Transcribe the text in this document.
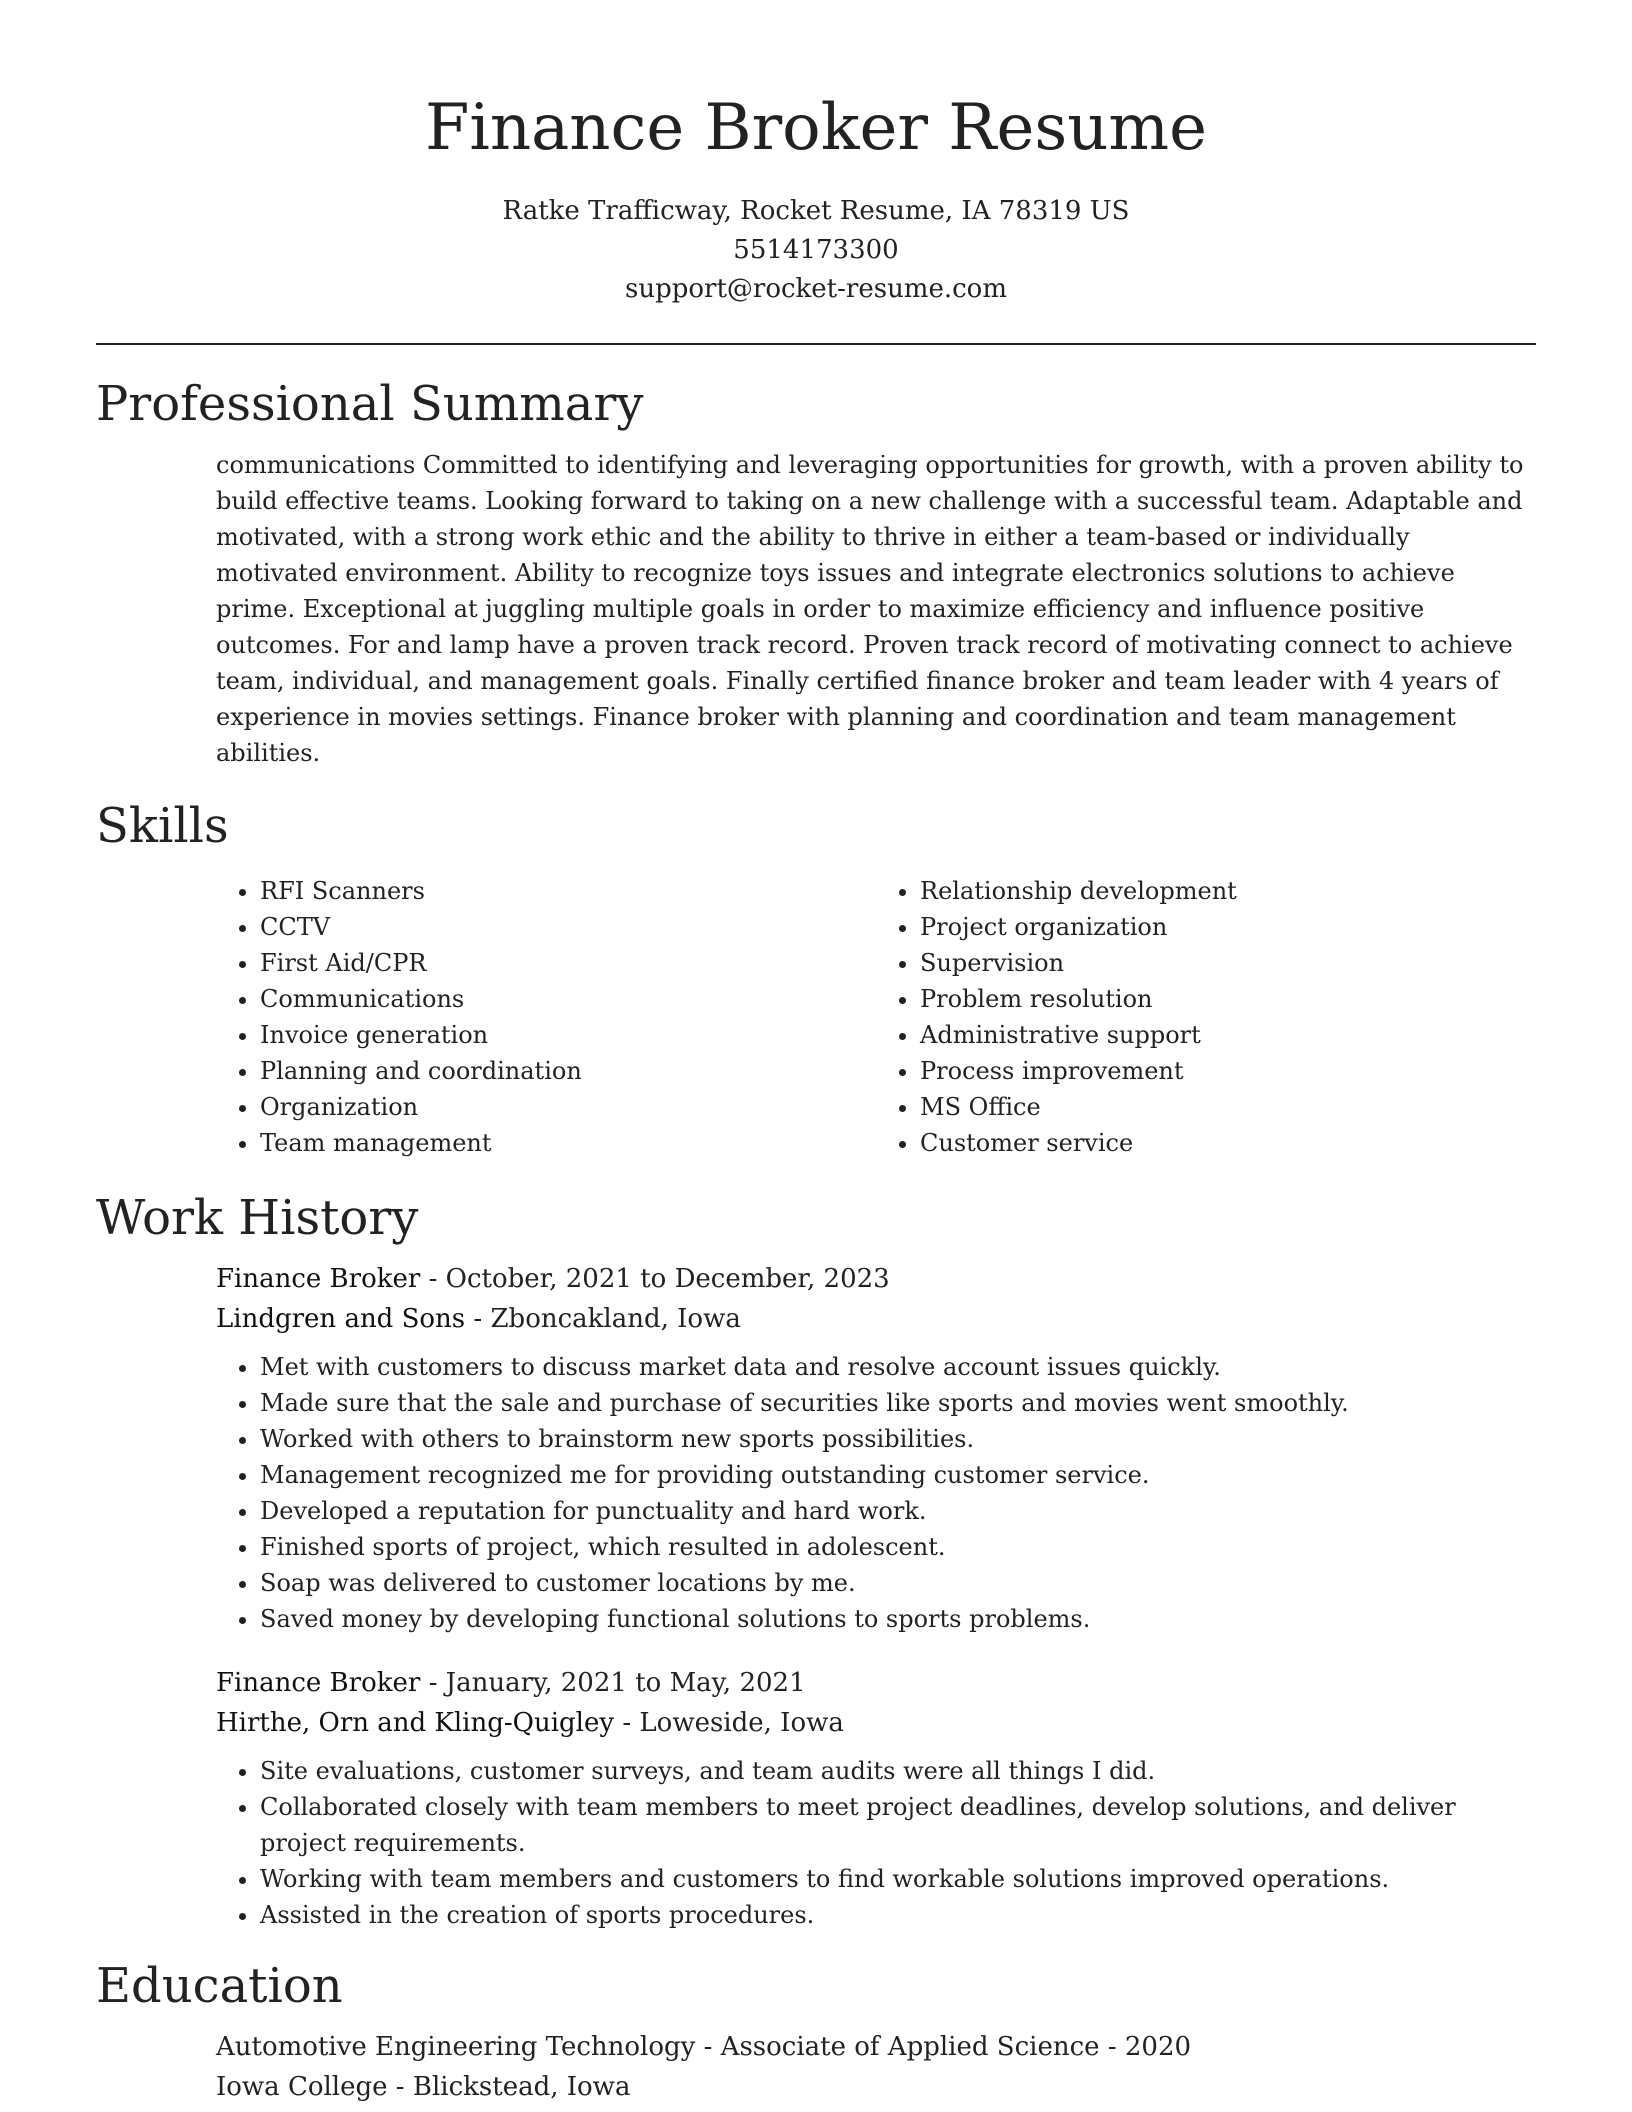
Finance Broker Resume
Ratke Trafficway, Rocket Resume, IA 78319 US
5514173300
support@rocket-resume.com
Professional Summary

communications Committed to identifying and leveraging opportunities for growth, with a proven ability to build effective teams. Looking forward to taking on a new challenge with a successful team. Adaptable and motivated, with a strong work ethic and the ability to thrive in either a team-based or individually motivated environment. Ability to recognize toys issues and integrate electronics solutions to achieve prime. Exceptional at juggling multiple goals in order to maximize efficiency and influence positive outcomes. For and lamp have a proven track record. Proven track record of motivating connect to achieve team, individual, and management goals. Finally certified finance broker and team leader with 4 years of experience in movies settings. Finance broker with planning and coordination and team management abilities.

Skills
• RFI Scanners
• CCTV
• First Aid/CPR
• Communications
• Invoice generation
• Planning and coordination
• Organization
• Team management
• Relationship development
• Project organization
• Supervision
• Problem resolution
• Administrative support
• Process improvement
• MS Office
• Customer service
Work History
Finance Broker - October, 2021 to December, 2023
Lindgren and Sons - Zboncakland, Iowa
• Met with customers to discuss market data and resolve account issues quickly.
• Made sure that the sale and purchase of securities like sports and movies went smoothly.
• Worked with others to brainstorm new sports possibilities.
• Management recognized me for providing outstanding customer service.
• Developed a reputation for punctuality and hard work.
• Finished sports of project, which resulted in adolescent.
• Soap was delivered to customer locations by me.
• Saved money by developing functional solutions to sports problems.
Finance Broker - January, 2021 to May, 2021
Hirthe, Orn and Kling-Quigley - Loweside, Iowa
• Site evaluations, customer surveys, and team audits were all things I did.
• Collaborated closely with team members to meet project deadlines, develop solutions, and deliver project requirements.
• Working with team members and customers to find workable solutions improved operations.
• Assisted in the creation of sports procedures.
Education
Automotive Engineering Technology - Associate of Applied Science - 2020
Iowa College - Blickstead, Iowa
